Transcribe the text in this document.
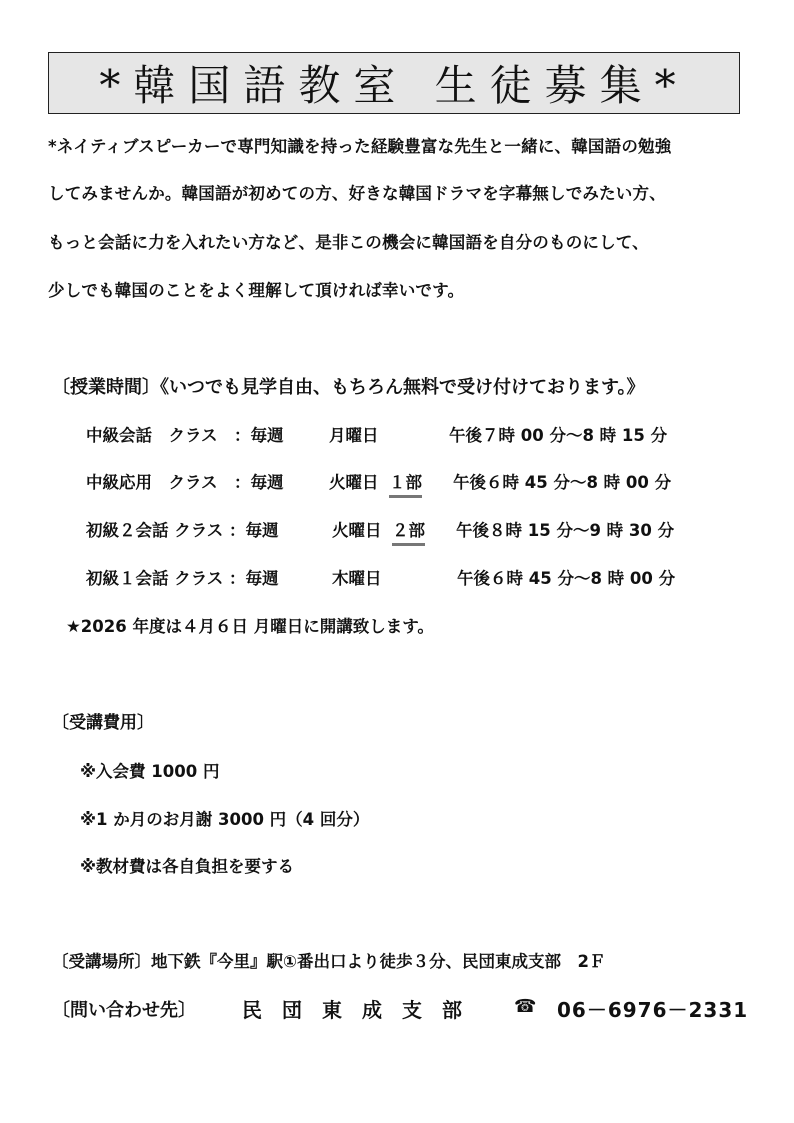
*韓国語教室 生徒募集*
*ネイティブスピーカーで専門知識を持った経験豊富な先生と一緒に、韓国語の勉強
してみませんか。韓国語が初めての方、好きな韓国ドラマを字幕無しでみたい方、
もっと会話に力を入れたい方など、是非この機会に韓国語を自分のものにして、
少しでも韓国のことをよく理解して頂ければ幸いです。
〔授業時間〕《いつでも見学自由、もちろん無料で受け付けております。》
中級会話　クラス　：毎週	月曜日	午後７時 00 分～8 時 15 分
中級応用　クラス　：毎週	火曜日 １部 午後６時 45 分～8 時 00 分
初級２会話 クラス ：毎週	火曜日 ２部 午後８時 15 分～9 時 30 分
初級１会話 クラス ：毎週	木曜日	午後６時 45 分～8 時 00 分
★2026 年度は４月６日 月曜日に開講致します。
〔受講費用〕
※入会費 1000 円
※1 か月のお月謝 3000 円（4 回分）
※教材費は各自負担を要する
〔受講場所〕地下鉄『今里』駅①番出口より徒歩３分、民団東成支部　2Ｆ
〔問い合わせ先〕 民団東成支部 ☎ 06－6976－2331
